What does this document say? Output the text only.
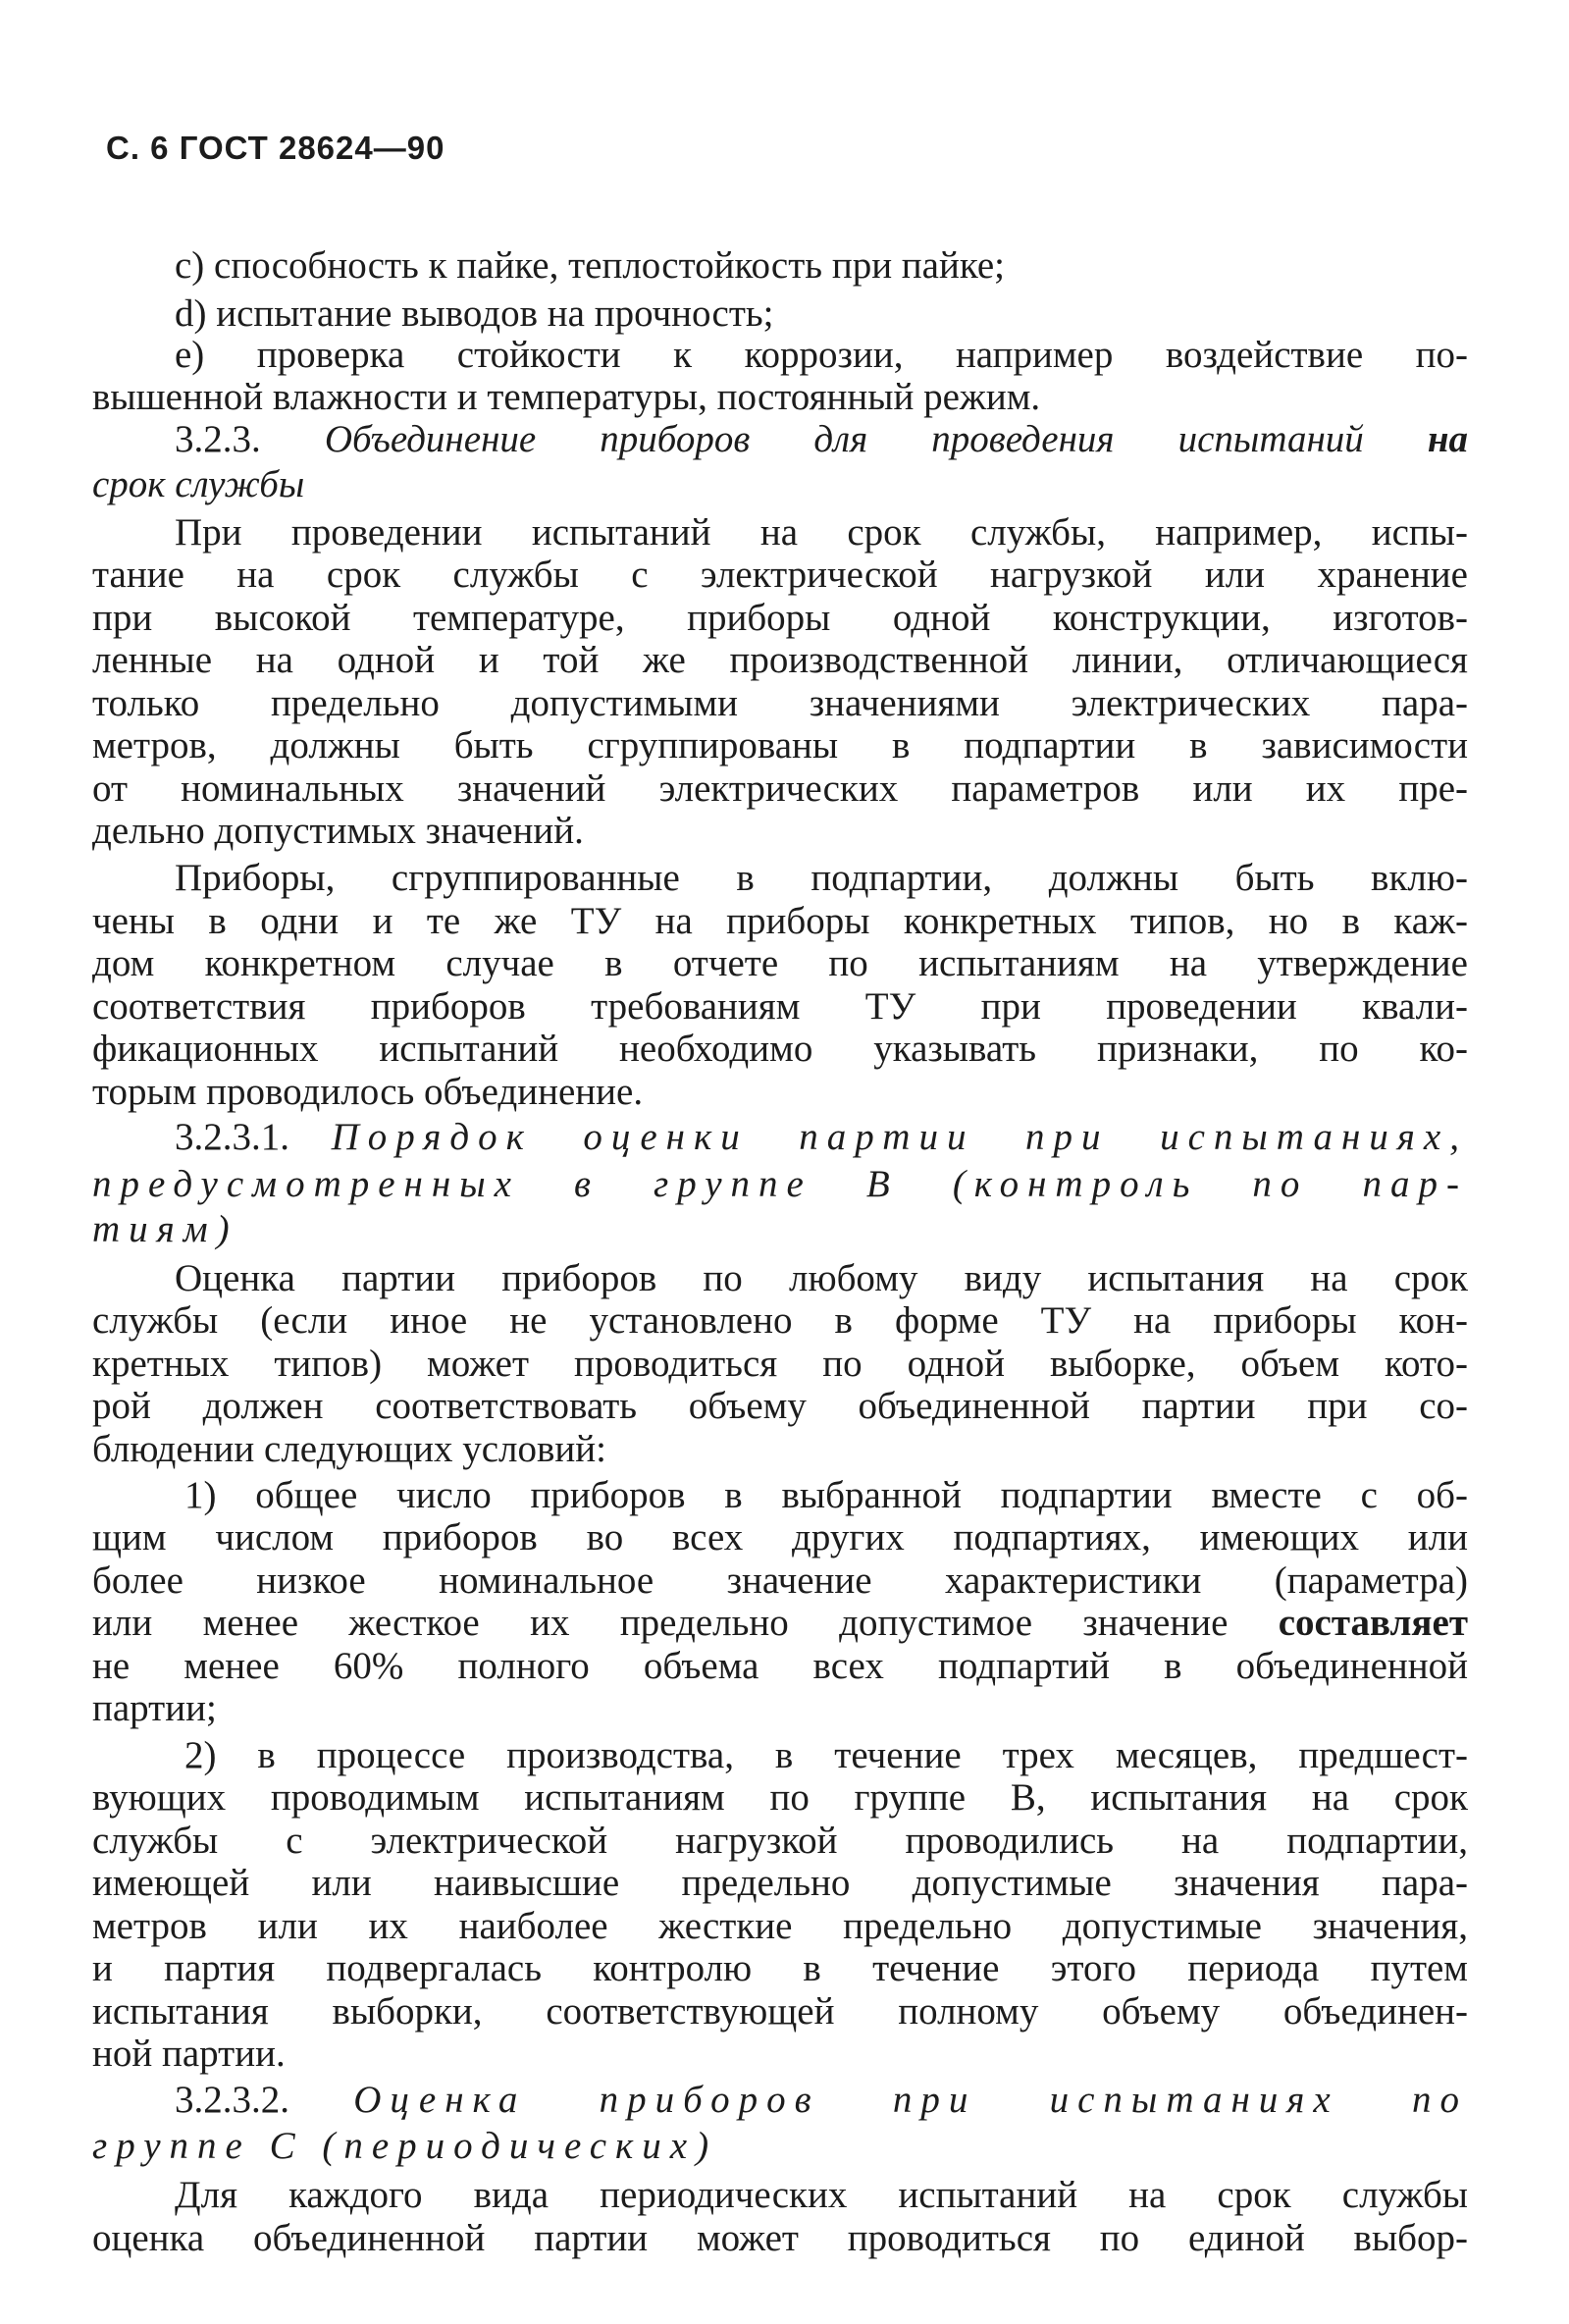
С. 6 ГОСТ 28624—90
с) способность к пайке, теплостойкость при пайке;
d) испытание выводов на прочность;
е) проверка стойкости к коррозии, например воздействие по-
вышенной влажности и температуры, постоянный режим.
3.2.3. Объединение приборов для проведения испытаний на
срок службы
При проведении испытаний на срок службы, например, испы-
тание на срок службы с электрической нагрузкой или хранение
при высокой температуре, приборы одной конструкции, изготов-
ленные на одной и той же производственной линии, отличающиеся
только предельно допустимыми значениями электрических пара-
метров, должны быть сгруппированы в подпартии в зависимости
от номинальных значений электрических параметров или их пре-
дельно допустимых значений.
Приборы, сгруппированные в подпартии, должны быть вклю-
чены в одни и те же ТУ на приборы конкретных типов, но в каж-
дом конкретном случае в отчете по испытаниям на утверждение
соответствия приборов требованиям ТУ при проведении квали-
фикационных испытаний необходимо указывать признаки, по ко-
торым проводилось объединение.
3.2.3.1. Порядок оценки партии при испытаниях,
предусмотренных в группе В (контроль по пар-
тиям)
Оценка партии приборов по любому виду испытания на срок
службы (если иное не установлено в форме ТУ на приборы кон-
кретных типов) может проводиться по одной выборке, объем кото-
рой должен соответствовать объему объединенной партии при со-
блюдении следующих условий:
1) общее число приборов в выбранной подпартии вместе с об-
щим числом приборов во всех других подпартиях, имеющих или
более низкое номинальное значение характеристики (параметра)
или менее жесткое их предельно допустимое значение составляет
не менее 60% полного объема всех подпартий в объединенной
партии;
2) в процессе производства, в течение трех месяцев, предшест-
вующих проводимым испытаниям по группе В, испытания на срок
службы с электрической нагрузкой проводились на подпартии,
имеющей или наивысшие предельно допустимые значения пара-
метров или их наиболее жесткие предельно допустимые значения,
и партия подвергалась контролю в течение этого периода путем
испытания выборки, соответствующей полному объему объединен-
ной партии.
3.2.3.2. Оценка приборов при испытаниях по
группе С (периодических)
Для каждого вида периодических испытаний на срок службы
оценка объединенной партии может проводиться по единой выбор-
